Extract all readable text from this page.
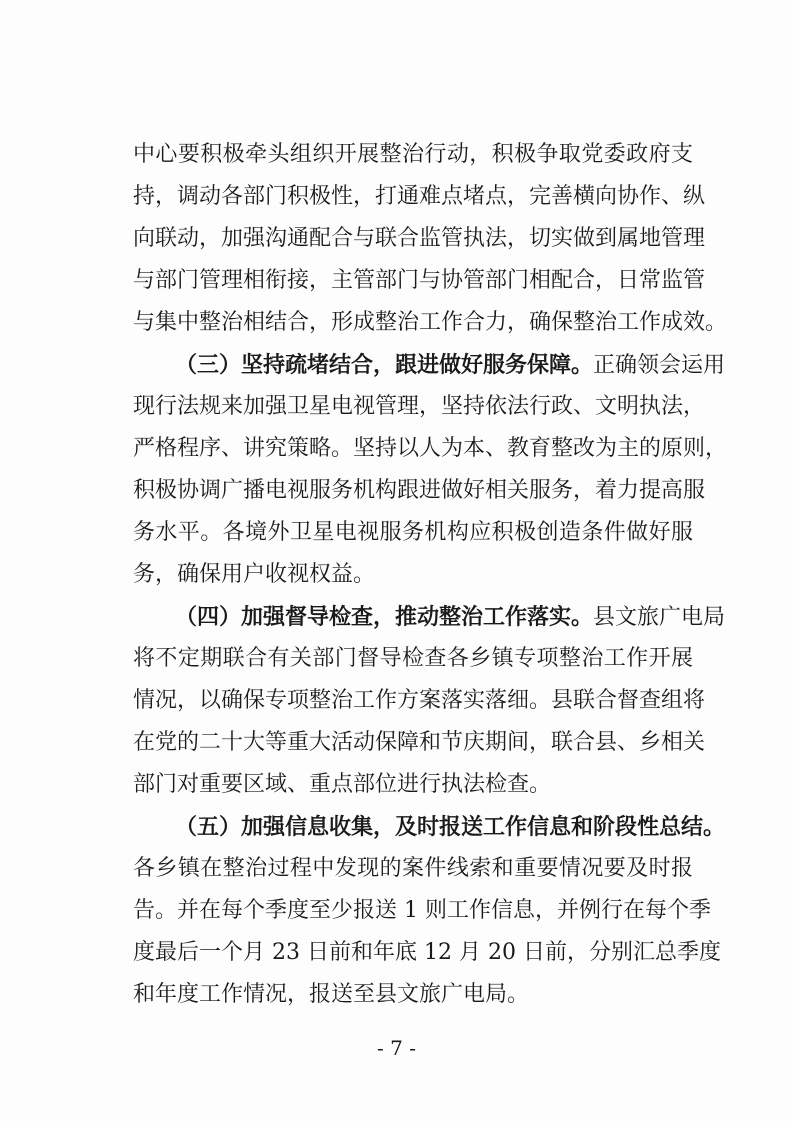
中心要积极牵头组织开展整治行动，积极争取党委政府支
持，调动各部门积极性，打通难点堵点，完善横向协作、纵
向联动，加强沟通配合与联合监管执法，切实做到属地管理
与部门管理相衔接，主管部门与协管部门相配合，日常监管
与集中整治相结合，形成整治工作合力，确保整治工作成效。
（三）坚持疏堵结合，跟进做好服务保障。正确领会运用
现行法规来加强卫星电视管理，坚持依法行政、文明执法，
严格程序、讲究策略。坚持以人为本、教育整改为主的原则，
积极协调广播电视服务机构跟进做好相关服务，着力提高服
务水平。各境外卫星电视服务机构应积极创造条件做好服
务，确保用户收视权益。
（四）加强督导检查，推动整治工作落实。县文旅广电局
将不定期联合有关部门督导检查各乡镇专项整治工作开展
情况，以确保专项整治工作方案落实落细。县联合督查组将
在党的二十大等重大活动保障和节庆期间，联合县、乡相关
部门对重要区域、重点部位进行执法检查。
（五）加强信息收集，及时报送工作信息和阶段性总结。
各乡镇在整治过程中发现的案件线索和重要情况要及时报
告。并在每个季度至少报送 1 则工作信息，并例行在每个季
度最后一个月 23 日前和年底 12 月 20 日前，分别汇总季度
和年度工作情况，报送至县文旅广电局。
- 7 -
